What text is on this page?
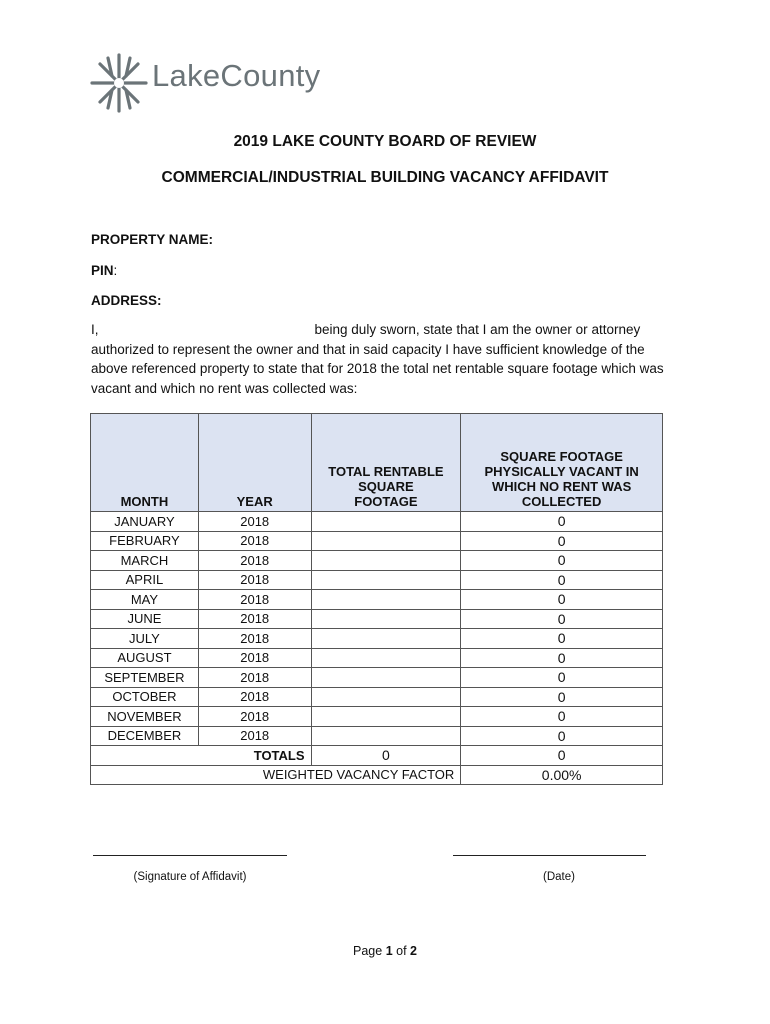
LakeCounty
2019 LAKE COUNTY BOARD OF REVIEW
COMMERCIAL/INDUSTRIAL BUILDING VACANCY AFFIDAVIT
PROPERTY NAME:
PIN:
ADDRESS:
I,	being duly sworn, state that I am the owner or attorney authorized to represent the owner and that in said capacity I have sufficient knowledge of the above referenced property to state that for 2018 the total net rentable square footage which was vacant and which no rent was collected was:
MONTH	YEAR	TOTAL RENTABLE SQUARE FOOTAGE	SQUARE FOOTAGE PHYSICALLY VACANT IN WHICH NO RENT WAS COLLECTED
JANUARY	2018		0
FEBRUARY	2018		0
MARCH	2018		0
APRIL	2018		0
MAY	2018		0
JUNE	2018		0
JULY	2018		0
AUGUST	2018		0
SEPTEMBER	2018		0
OCTOBER	2018		0
NOVEMBER	2018		0
DECEMBER	2018		0
TOTALS		0	0
WEIGHTED VACANCY FACTOR			0.00%
(Signature of Affidavit)	(Date)
Page 1 of 2
